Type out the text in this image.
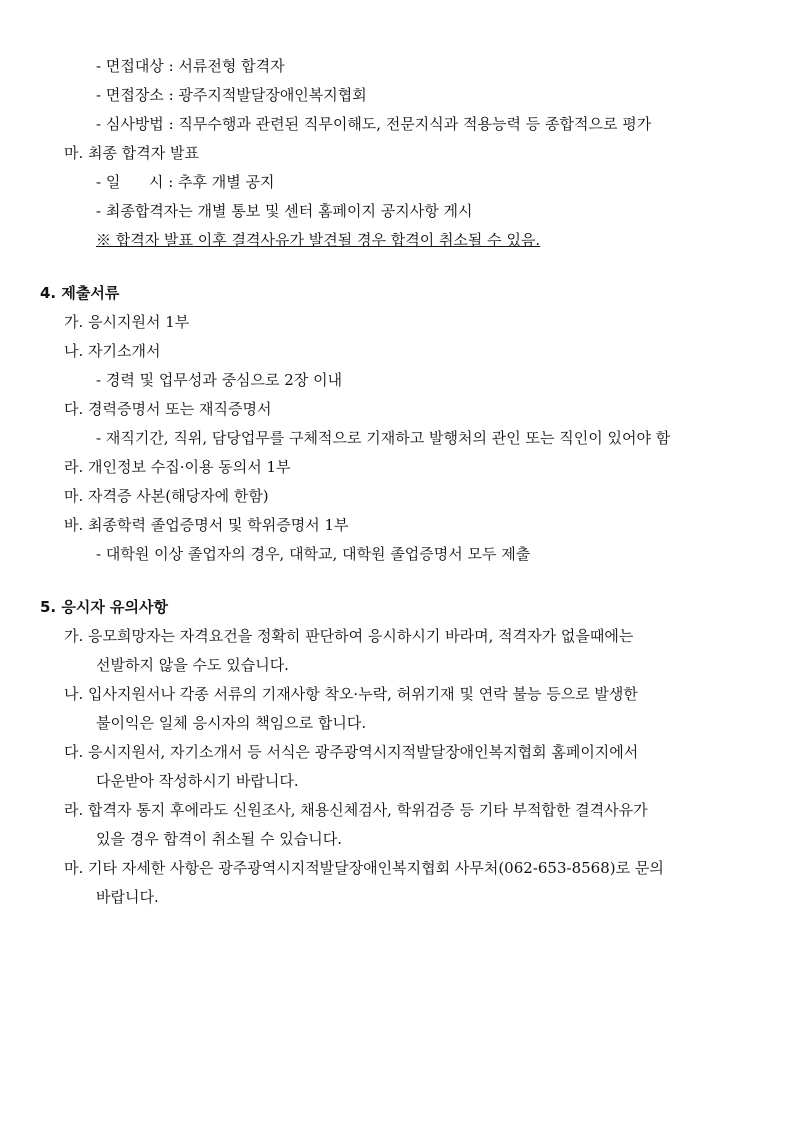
- 면접대상 : 서류전형 합격자
- 면접장소 : 광주지적발달장애인복지협회
- 심사방법 : 직무수행과 관련된 직무이해도, 전문지식과 적용능력 등 종합적으로 평가
마. 최종 합격자 발표
- 일      시 : 추후 개별 공지
- 최종합격자는 개별 통보 및 센터 홈페이지 공지사항 게시
※ 합격자 발표 이후 결격사유가 발견될 경우 합격이 취소될 수 있음.
4. 제출서류
가. 응시지원서 1부
나. 자기소개서
- 경력 및 업무성과 중심으로 2장 이내
다. 경력증명서 또는 재직증명서
- 재직기간, 직위, 담당업무를 구체적으로 기재하고 발행처의 관인 또는 직인이 있어야 함
라. 개인정보 수집·이용 동의서 1부
마. 자격증 사본(해당자에 한함)
바. 최종학력 졸업증명서 및 학위증명서 1부
- 대학원 이상 졸업자의 경우, 대학교, 대학원 졸업증명서 모두 제출
5. 응시자 유의사항
가. 응모희망자는 자격요건을 정확히 판단하여 응시하시기 바라며, 적격자가 없을때에는
선발하지 않을 수도 있습니다.
나. 입사지원서나 각종 서류의 기재사항 착오·누락, 허위기재 및 연락 불능 등으로 발생한
불이익은 일체 응시자의 책임으로 합니다.
다. 응시지원서, 자기소개서 등 서식은 광주광역시지적발달장애인복지협회 홈페이지에서
다운받아 작성하시기 바랍니다.
라. 합격자 통지 후에라도 신원조사, 채용신체검사, 학위검증 등 기타 부적합한 결격사유가
있을 경우 합격이 취소될 수 있습니다.
마. 기타 자세한 사항은 광주광역시지적발달장애인복지협회 사무처(062-653-8568)로 문의
바랍니다.
